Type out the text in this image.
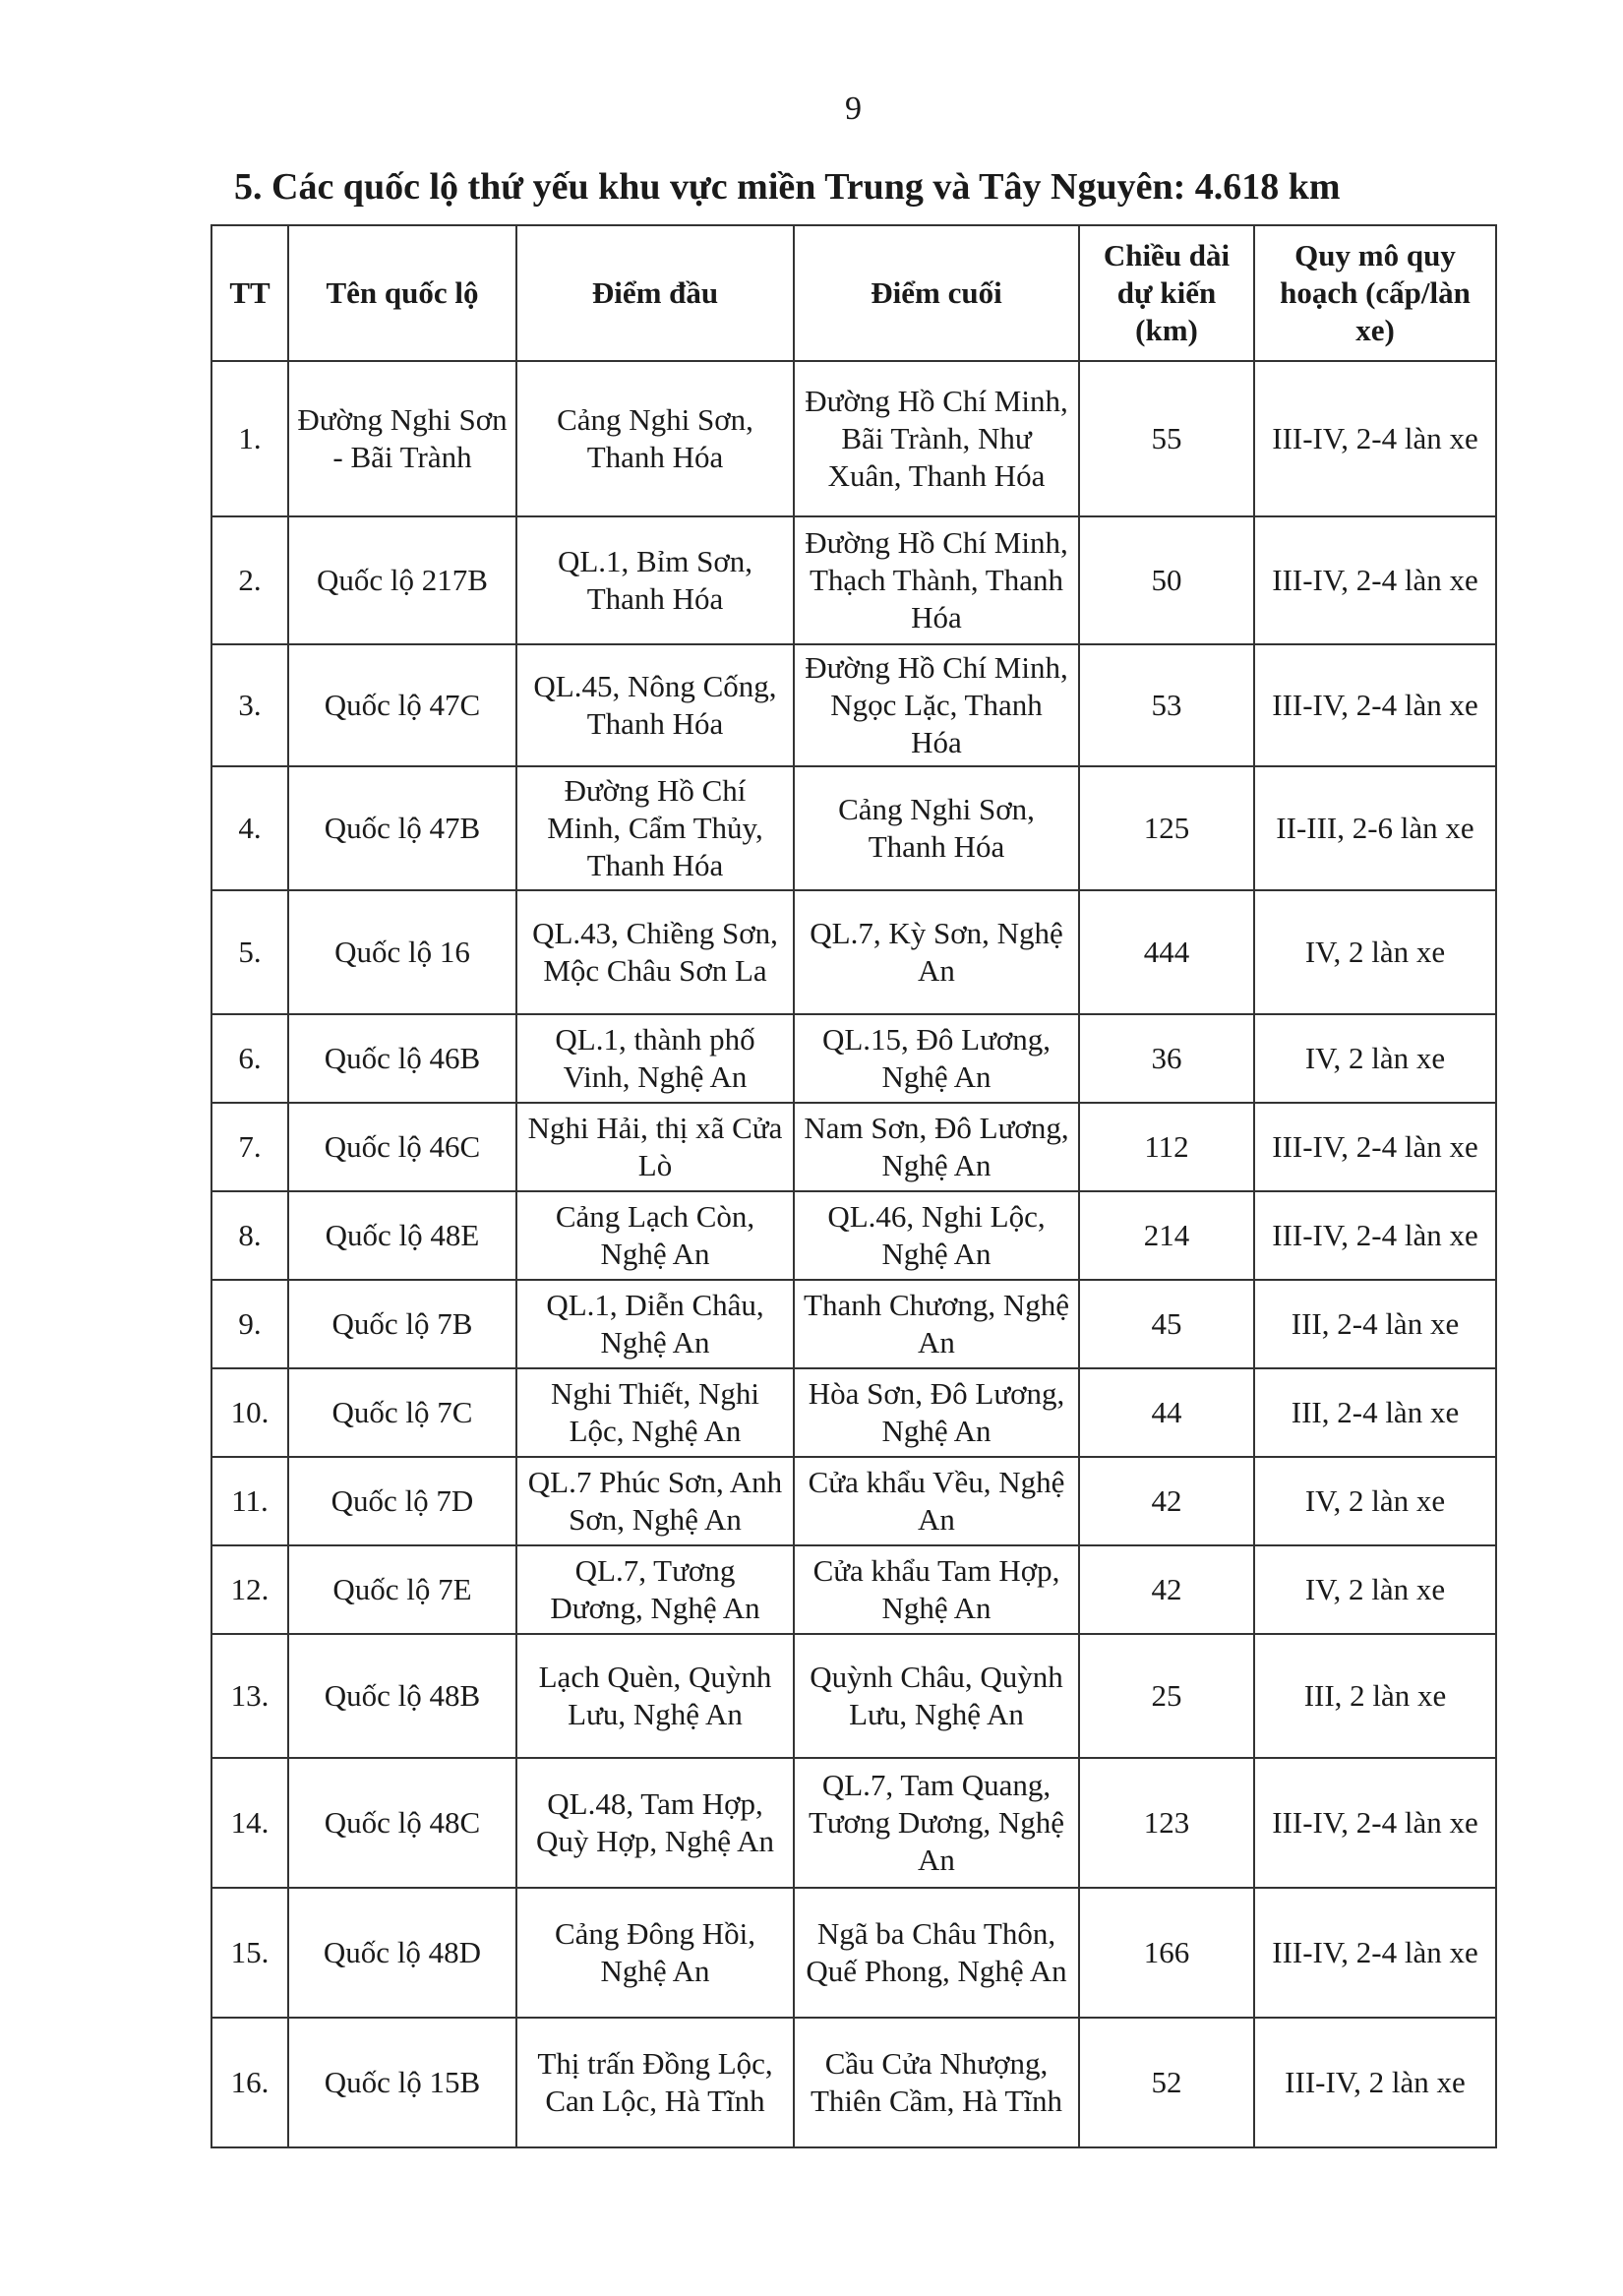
9
5. Các quốc lộ thứ yếu khu vực miền Trung và Tây Nguyên: 4.618 km
TT	Tên quốc lộ	Điểm đầu	Điểm cuối	Chiều dài dự kiến (km)	Quy mô quy hoạch (cấp/làn xe)
1.	Đường Nghi Sơn - Bãi Trành	Cảng Nghi Sơn, Thanh Hóa	Đường Hồ Chí Minh, Bãi Trành, Như Xuân, Thanh Hóa	55	III-IV, 2-4 làn xe
2.	Quốc lộ 217B	QL.1, Bỉm Sơn, Thanh Hóa	Đường Hồ Chí Minh, Thạch Thành, Thanh Hóa	50	III-IV, 2-4 làn xe
3.	Quốc lộ 47C	QL.45, Nông Cống, Thanh Hóa	Đường Hồ Chí Minh, Ngọc Lặc, Thanh Hóa	53	III-IV, 2-4 làn xe
4.	Quốc lộ 47B	Đường Hồ Chí Minh, Cẩm Thủy, Thanh Hóa	Cảng Nghi Sơn, Thanh Hóa	125	II-III, 2-6 làn xe
5.	Quốc lộ 16	QL.43, Chiềng Sơn, Mộc Châu Sơn La	QL.7, Kỳ Sơn, Nghệ An	444	IV, 2 làn xe
6.	Quốc lộ 46B	QL.1, thành phố Vinh, Nghệ An	QL.15, Đô Lương, Nghệ An	36	IV, 2 làn xe
7.	Quốc lộ 46C	Nghi Hải, thị xã Cửa Lò	Nam Sơn, Đô Lương, Nghệ An	112	III-IV, 2-4 làn xe
8.	Quốc lộ 48E	Cảng Lạch Còn, Nghệ An	QL.46, Nghi Lộc, Nghệ An	214	III-IV, 2-4 làn xe
9.	Quốc lộ 7B	QL.1, Diễn Châu, Nghệ An	Thanh Chương, Nghệ An	45	III, 2-4 làn xe
10.	Quốc lộ 7C	Nghi Thiết, Nghi Lộc, Nghệ An	Hòa Sơn, Đô Lương, Nghệ An	44	III, 2-4 làn xe
11.	Quốc lộ 7D	QL.7 Phúc Sơn, Anh Sơn, Nghệ An	Cửa khẩu Vều, Nghệ An	42	IV, 2 làn xe
12.	Quốc lộ 7E	QL.7, Tương Dương, Nghệ An	Cửa khẩu Tam Hợp, Nghệ An	42	IV, 2 làn xe
13.	Quốc lộ 48B	Lạch Quèn, Quỳnh Lưu, Nghệ An	Quỳnh Châu, Quỳnh Lưu, Nghệ An	25	III, 2 làn xe
14.	Quốc lộ 48C	QL.48, Tam Hợp, Quỳ Hợp, Nghệ An	QL.7, Tam Quang, Tương Dương, Nghệ An	123	III-IV, 2-4 làn xe
15.	Quốc lộ 48D	Cảng Đông Hồi, Nghệ An	Ngã ba Châu Thôn, Quế Phong, Nghệ An	166	III-IV, 2-4 làn xe
16.	Quốc lộ 15B	Thị trấn Đồng Lộc, Can Lộc, Hà Tĩnh	Cầu Cửa Nhượng, Thiên Cầm, Hà Tĩnh	52	III-IV, 2 làn xe
